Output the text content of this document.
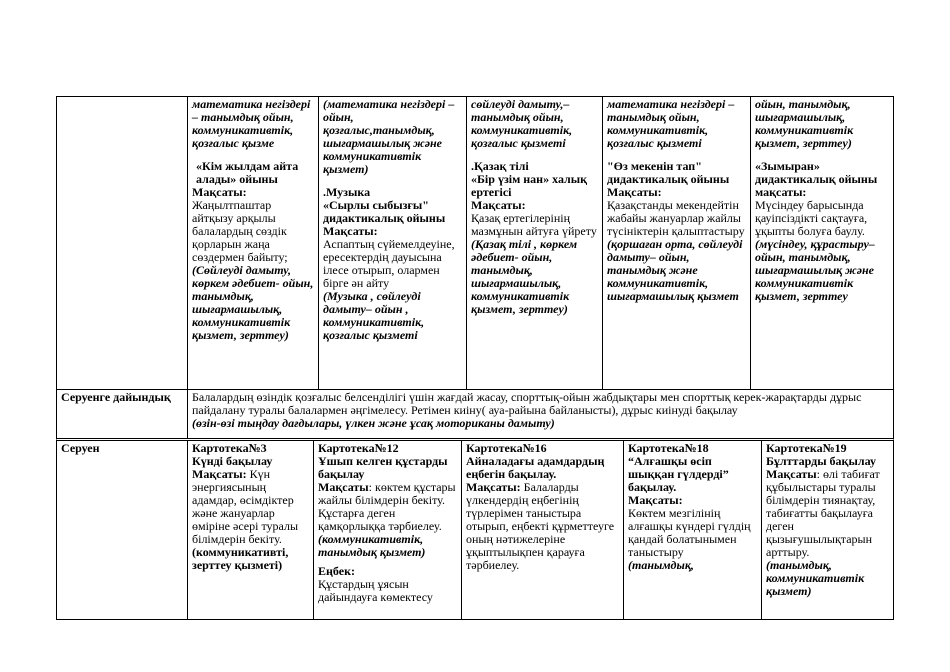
математика негіздері – танымдық ойын, коммуникативтік, қозғалыс қызме

«Кім жылдам айта алады» ойыны

Мақсаты:

Жаңылтпаштар айтқызу арқылы балалардың сөздік қорларын жаңа сөздермен байыту;

(Сөйлеуді дамыту, көркем әдебиет- ойын, танымдық, шығармашылық, коммуникативтік қызмет, зерттеу)

(математика негіздері – ойын, қозғалыс,танымдық, шығармашылық және коммуникативтік қызмет)

.Музыка

«Сырлы сыбызғы" дидактикалық ойыны

Мақсаты:

Аспаптың сүйемелдеуіне, ересектердің дауысына ілесе отырып, олармен бірге ән айту

(Музыка , сөйлеуді дамыту– ойын , коммуникативтік, қозғалыс қызметі

сөйлеуді дамыту,– танымдық ойын, коммуникативтік, қозғалыс қызметі

.Қазақ тілі

«Бір үзім нан» халық ертегісі

Мақсаты:

Қазақ ертегілерінің мазмұнын айтуға үйрету

(Қазақ тілі , көркем әдебиет- ойын, танымдық, шығармашылық, коммуникативтік қызмет, зерттеу)

математика негіздері – танымдық ойын, коммуникативтік, қозғалыс қызметі

"Өз мекенін тап" дидактикалық ойыны

Мақсаты:

Қазақстанды мекендейтін жабайы жануарлар жайлы түсініктерін қалыптастыру

(қоршаған орта, сөйлеуді дамыту– ойын, танымдық және коммуникативтік, шығармашылық қызмет

ойын, танымдық, шығармашылық, коммуникативтік қызмет, зерттеу)

«Зымыран» дидактикалық ойыны

мақсаты:

Мүсіндеу барысында қауіпсіздікті сақтауға, ұқыпты болуға баулу.

(мүсіндеу, құрастыру– ойын, танымдық, шығармашылық және коммуникативтік қызмет, зерттеу

Серуенге дайындық	Балалардың өзіндік қозғалыс белсенділігі үшін жағдай жасау, спорттық-ойын жабдықтары мен спорттық керек-жарақтарды дұрыс пайдалану туралы балалармен әңгімелесу. Ретімен киіну( ауа-райына байланысты), дұрыс киінуді бақылау

(өзін-өзі тыңдау дағдылары, үлкен және ұсақ моториканы дамыту)

Серуен	Картотека№3

Күнді бақылау

Мақсаты: Күн энергиясының адамдар, өсімдіктер және жануарлар өміріне әсері туралы білімдерін бекіту.

(коммуникативті, зерттеу қызметі)

Картотека№12

Ұшып келген құстарды бақылау

Мақсаты: көктем құстары жайлы білімдерін бекіту. Құстарға деген қамқорлыққа тәрбиелеу.

(коммуникативтік, танымдық қызмет)

Еңбек:

Құстардың ұясын дайындауға көмектесу

Картотека№16

Айналадағы адамдардың еңбегін бақылау.

Мақсаты: Балаларды үлкендердің еңбегінің түрлерімен таныстыра отырып, еңбекті құрметтеуге оның нәтижелеріне ұқыптылықпен қарауға тәрбиелеу.

Картотека№18

“Алғашқы өсіп шыққан гүлдерді” бақылау.

Мақсаты:

Көктем мезгілінің алғашқы күндері гүлдің қандай болатынымен таныстыру

(танымдық,

Картотека№19

Бұлттарды бақылау

Мақсаты: өлі табиғат құбылыстары туралы білімдерін тиянақтау, табиғатты бақылауға деген қызығушылықтарын арттыру.

(танымдық, коммуникативтік қызмет)
